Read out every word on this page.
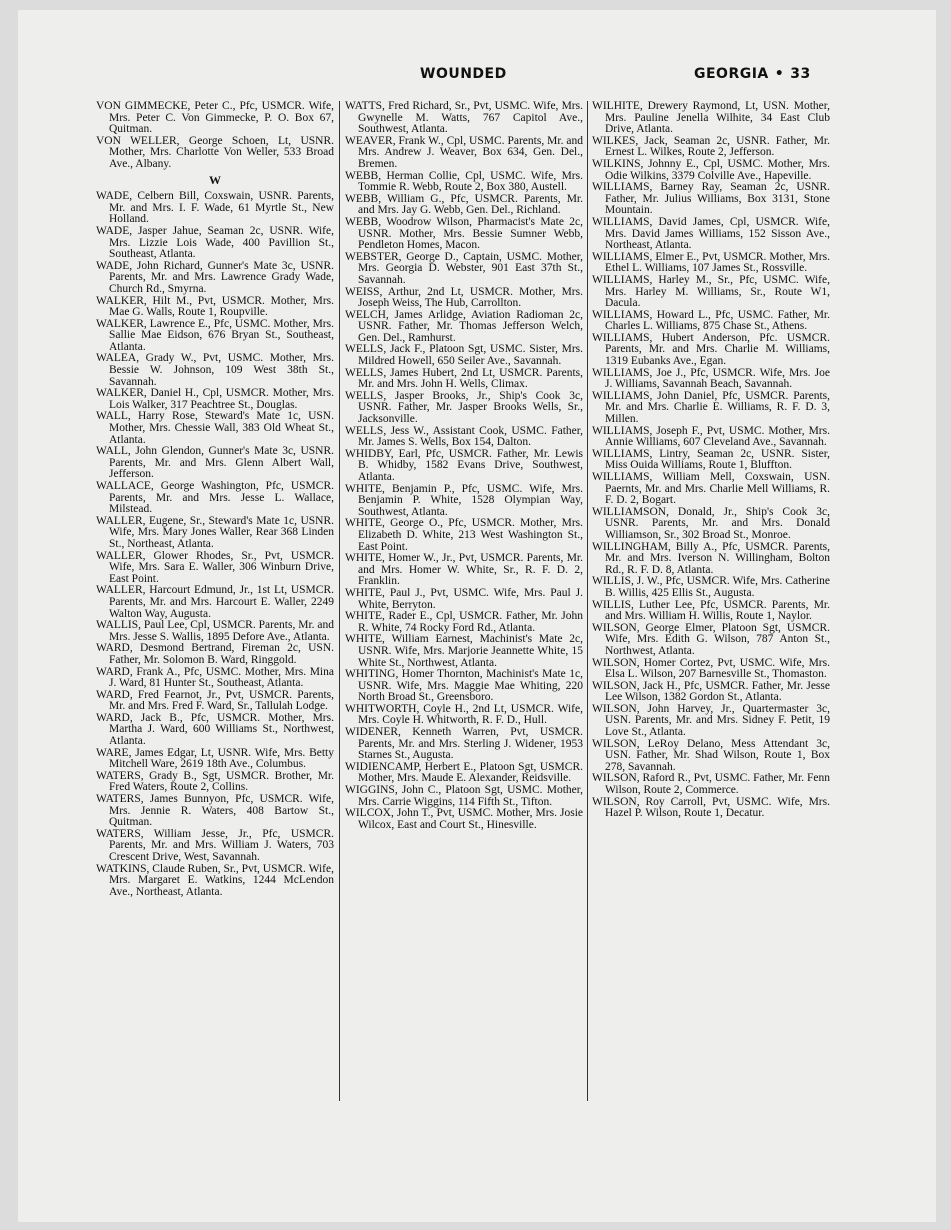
WOUNDED	GEORGIA • 33

VON GIMMECKE, Peter C., Pfc, USMCR. Wife, Mrs. Peter C. Von Gimmecke, P. O. Box 67, Quitman.

VON WELLER, George Schoen, Lt, USNR. Mother, Mrs. Charlotte Von Weller, 533 Broad Ave., Albany.

W

WADE, Celbern Bill, Coxswain, USNR. Parents, Mr. and Mrs. I. F. Wade, 61 Myrtle St., New Holland.

WADE, Jasper Jahue, Seaman 2c, USNR. Wife, Mrs. Lizzie Lois Wade, 400 Pavillion St., Southeast, Atlanta.

WADE, John Richard, Gunner's Mate 3c, USNR. Parents, Mr. and Mrs. Lawrence Grady Wade, Church Rd., Smyrna.

WALKER, Hilt M., Pvt, USMCR. Mother, Mrs. Mae G. Walls, Route 1, Roupville.

WALKER, Lawrence E., Pfc, USMC. Mother, Mrs. Sallie Mae Eidson, 676 Bryan St., Southeast, Atlanta.

WALEA, Grady W., Pvt, USMC. Mother, Mrs. Bessie W. Johnson, 109 West 38th St., Savannah.

WALKER, Daniel H., Cpl, USMCR. Mother, Mrs. Lois Walker, 317 Peachtree St., Douglas.

WALL, Harry Rose, Steward's Mate 1c, USN. Mother, Mrs. Chessie Wall, 383 Old Wheat St., Atlanta.

WALL, John Glendon, Gunner's Mate 3c, USNR. Parents, Mr. and Mrs. Glenn Albert Wall, Jefferson.

WALLACE, George Washington, Pfc, USMCR. Parents, Mr. and Mrs. Jesse L. Wallace, Milstead.

WALLER, Eugene, Sr., Steward's Mate 1c, USNR. Wife, Mrs. Mary Jones Waller, Rear 368 Linden St., Northeast, Atlanta.

WALLER, Glower Rhodes, Sr., Pvt, USMCR. Wife, Mrs. Sara E. Waller, 306 Winburn Drive, East Point.

WALLER, Harcourt Edmund, Jr., 1st Lt, USMCR. Parents, Mr. and Mrs. Harcourt E. Waller, 2249 Walton Way, Augusta.

WALLIS, Paul Lee, Cpl, USMCR. Parents, Mr. and Mrs. Jesse S. Wallis, 1895 Defore Ave., Atlanta.

WARD, Desmond Bertrand, Fireman 2c, USN. Father, Mr. Solomon B. Ward, Ringgold.

WARD, Frank A., Pfc, USMC. Mother, Mrs. Mina J. Ward, 81 Hunter St., Southeast, Atlanta.

WARD, Fred Fearnot, Jr., Pvt, USMCR. Parents, Mr. and Mrs. Fred F. Ward, Sr., Tallulah Lodge.

WARD, Jack B., Pfc, USMCR. Mother, Mrs. Martha J. Ward, 600 Williams St., Northwest, Atlanta.

WARE, James Edgar, Lt, USNR. Wife, Mrs. Betty Mitchell Ware, 2619 18th Ave., Columbus.

WATERS, Grady B., Sgt, USMCR. Brother, Mr. Fred Waters, Route 2, Collins.

WATERS, James Bunnyon, Pfc, USMCR. Wife, Mrs. Jennie R. Waters, 408 Bartow St., Quitman.

WATERS, William Jesse, Jr., Pfc, USMCR. Parents, Mr. and Mrs. William J. Waters, 703 Crescent Drive, West, Savannah.

WATKINS, Claude Ruben, Sr., Pvt, USMCR. Wife, Mrs. Margaret E. Watkins, 1244 McLendon Ave., Northeast, Atlanta.

WATTS, Fred Richard, Sr., Pvt, USMC. Wife, Mrs. Gwynelle M. Watts, 767 Capitol Ave., Southwest, Atlanta.

WEAVER, Frank W., Cpl, USMC. Parents, Mr. and Mrs. Andrew J. Weaver, Box 634, Gen. Del., Bremen.

WEBB, Herman Collie, Cpl, USMC. Wife, Mrs. Tommie R. Webb, Route 2, Box 380, Austell.

WEBB, William G., Pfc, USMCR. Parents, Mr. and Mrs. Jay G. Webb, Gen. Del., Richland.

WEBB, Woodrow Wilson, Pharmacist's Mate 2c, USNR. Mother, Mrs. Bessie Sumner Webb, Pendleton Homes, Macon.

WEBSTER, George D., Captain, USMC. Mother, Mrs. Georgia D. Webster, 901 East 37th St., Savannah.

WEISS, Arthur, 2nd Lt, USMCR. Mother, Mrs. Joseph Weiss, The Hub, Carrollton.

WELCH, James Arlidge, Aviation Radioman 2c, USNR. Father, Mr. Thomas Jefferson Welch, Gen. Del., Ramhurst.

WELLS, Jack F., Platoon Sgt, USMC. Sister, Mrs. Mildred Howell, 650 Seiler Ave., Savannah.

WELLS, James Hubert, 2nd Lt, USMCR. Parents, Mr. and Mrs. John H. Wells, Climax.

WELLS, Jasper Brooks, Jr., Ship's Cook 3c, USNR. Father, Mr. Jasper Brooks Wells, Sr., Jacksonville.

WELLS, Jess W., Assistant Cook, USMC. Father, Mr. James S. Wells, Box 154, Dalton.

WHIDBY, Earl, Pfc, USMCR. Father, Mr. Lewis B. Whidby, 1582 Evans Drive, Southwest, Atlanta.

WHITE, Benjamin P., Pfc, USMC. Wife, Mrs. Benjamin P. White, 1528 Olympian Way, Southwest, Atlanta.

WHITE, George O., Pfc, USMCR. Mother, Mrs. Elizabeth D. White, 213 West Washington St., East Point.

WHITE, Homer W., Jr., Pvt, USMCR. Parents, Mr. and Mrs. Homer W. White, Sr., R. F. D. 2, Franklin.

WHITE, Paul J., Pvt, USMC. Wife, Mrs. Paul J. White, Berryton.

WHITE, Rader E., Cpl, USMCR. Father, Mr. John R. White, 74 Rocky Ford Rd., Atlanta.

WHITE, William Earnest, Machinist's Mate 2c, USNR. Wife, Mrs. Marjorie Jeannette White, 15 White St., Northwest, Atlanta.

WHITING, Homer Thornton, Machinist's Mate 1c, USNR. Wife, Mrs. Maggie Mae Whiting, 220 North Broad St., Greensboro.

WHITWORTH, Coyle H., 2nd Lt, USMCR. Wife, Mrs. Coyle H. Whitworth, R. F. D., Hull.

WIDENER, Kenneth Warren, Pvt, USMCR. Parents, Mr. and Mrs. Sterling J. Widener, 1953 Starnes St., Augusta.

WIDIENCAMP, Herbert E., Platoon Sgt, USMCR. Mother, Mrs. Maude E. Alexander, Reidsville.

WIGGINS, John C., Platoon Sgt, USMC. Mother, Mrs. Carrie Wiggins, 114 Fifth St., Tifton.

WILCOX, John T., Pvt, USMC. Mother, Mrs. Josie Wilcox, East and Court St., Hinesville.

WILHITE, Drewery Raymond, Lt, USN. Mother, Mrs. Pauline Jenella Wilhite, 34 East Club Drive, Atlanta.

WILKES, Jack, Seaman 2c, USNR. Father, Mr. Ernest L. Wilkes, Route 2, Jefferson.

WILKINS, Johnny E., Cpl, USMC. Mother, Mrs. Odie Wilkins, 3379 Colville Ave., Hapeville.

WILLIAMS, Barney Ray, Seaman 2c, USNR. Father, Mr. Julius Williams, Box 3131, Stone Mountain.

WILLIAMS, David James, Cpl, USMCR. Wife, Mrs. David James Williams, 152 Sisson Ave., Northeast, Atlanta.

WILLIAMS, Elmer E., Pvt, USMCR. Mother, Mrs. Ethel L. Williams, 107 James St., Rossville.

WILLIAMS, Harley M., Sr., Pfc, USMC. Wife, Mrs. Harley M. Williams, Sr., Route W1, Dacula.

WILLIAMS, Howard L., Pfc, USMC. Father, Mr. Charles L. Williams, 875 Chase St., Athens.

WILLIAMS, Hubert Anderson, Pfc. USMCR. Parents, Mr. and Mrs. Charlie M. Williams, 1319 Eubanks Ave., Egan.

WILLIAMS, Joe J., Pfc, USMCR. Wife, Mrs. Joe J. Williams, Savannah Beach, Savannah.

WILLIAMS, John Daniel, Pfc, USMCR. Parents, Mr. and Mrs. Charlie E. Williams, R. F. D. 3, Millen.

WILLIAMS, Joseph F., Pvt, USMC. Mother, Mrs. Annie Williams, 607 Cleveland Ave., Savannah.

WILLIAMS, Lintry, Seaman 2c, USNR. Sister, Miss Ouida Williams, Route 1, Bluffton.

WILLIAMS, William Mell, Coxswain, USN. Paernts, Mr. and Mrs. Charlie Mell Williams, R. F. D. 2, Bogart.

WILLIAMSON, Donald, Jr., Ship's Cook 3c, USNR. Parents, Mr. and Mrs. Donald Williamson, Sr., 302 Broad St., Monroe.

WILLINGHAM, Billy A., Pfc, USMCR. Parents, Mr. and Mrs. Iverson N. Willingham, Bolton Rd., R. F. D. 8, Atlanta.

WILLIS, J. W., Pfc, USMCR. Wife, Mrs. Catherine B. Willis, 425 Ellis St., Augusta.

WILLIS, Luther Lee, Pfc, USMCR. Parents, Mr. and Mrs. William H. Willis, Route 1, Naylor.

WILSON, George Elmer, Platoon Sgt, USMCR. Wife, Mrs. Edith G. Wilson, 787 Anton St., Northwest, Atlanta.

WILSON, Homer Cortez, Pvt, USMC. Wife, Mrs. Elsa L. Wilson, 207 Barnesville St., Thomaston.

WILSON, Jack H., Pfc, USMCR. Father, Mr. Jesse Lee Wilson, 1382 Gordon St., Atlanta.

WILSON, John Harvey, Jr., Quartermaster 3c, USN. Parents, Mr. and Mrs. Sidney F. Petit, 19 Love St., Atlanta.

WILSON, LeRoy Delano, Mess Attendant 3c, USN. Father, Mr. Shad Wilson, Route 1, Box 278, Savannah.

WILSON, Raford R., Pvt, USMC. Father, Mr. Fenn Wilson, Route 2, Commerce.

WILSON, Roy Carroll, Pvt, USMC. Wife, Mrs. Hazel P. Wilson, Route 1, Decatur.
